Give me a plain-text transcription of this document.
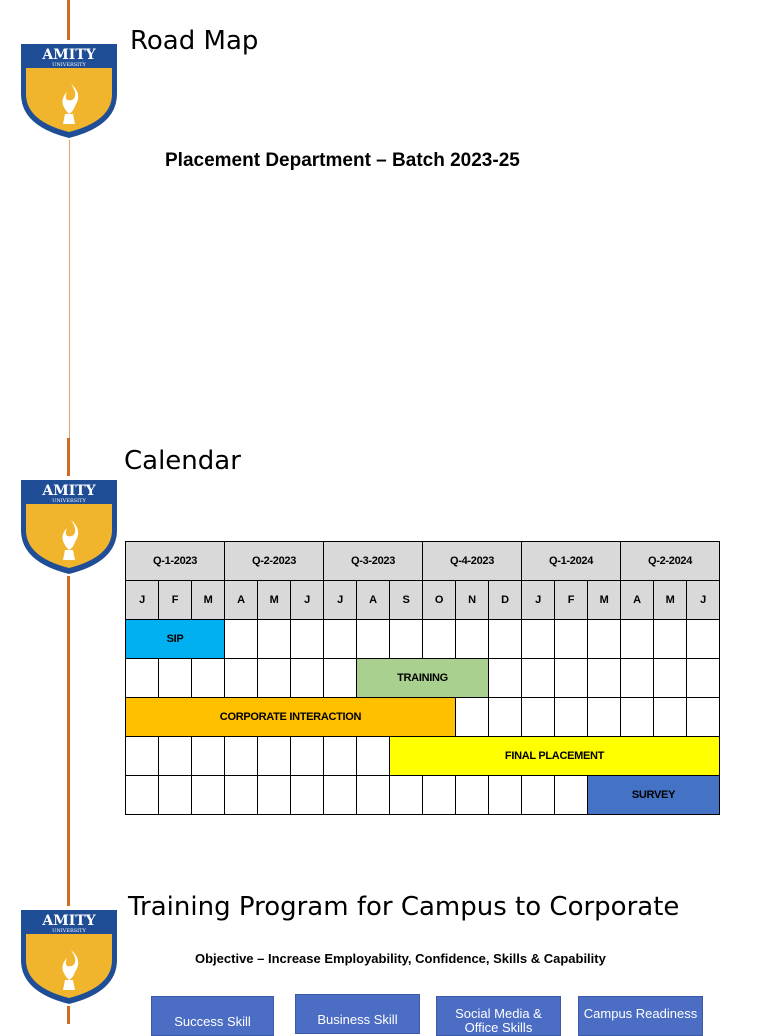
AMITY
UNIVERSITY
Road Map
Placement Department – Batch 2023-25
AMITY
UNIVERSITY
Calendar
Q-1-2023			Q-2-2023			Q-3-2023			Q-4-2023			Q-1-2024			Q-2-2024		
J	F	M	A	M	J	J	A	S	O	N	D	J	F	M	A	M	J
SIP																	
							TRAINING										
CORPORATE INTERACTION																	
								FINAL PLACEMENT									
														SURVEY			
AMITY
UNIVERSITY
Training Program for Campus to Corporate
Objective – Increase Employability, Confidence, Skills & Capability
Success Skill	Business Skill	Social Media & Office Skills
Campus Readiness
